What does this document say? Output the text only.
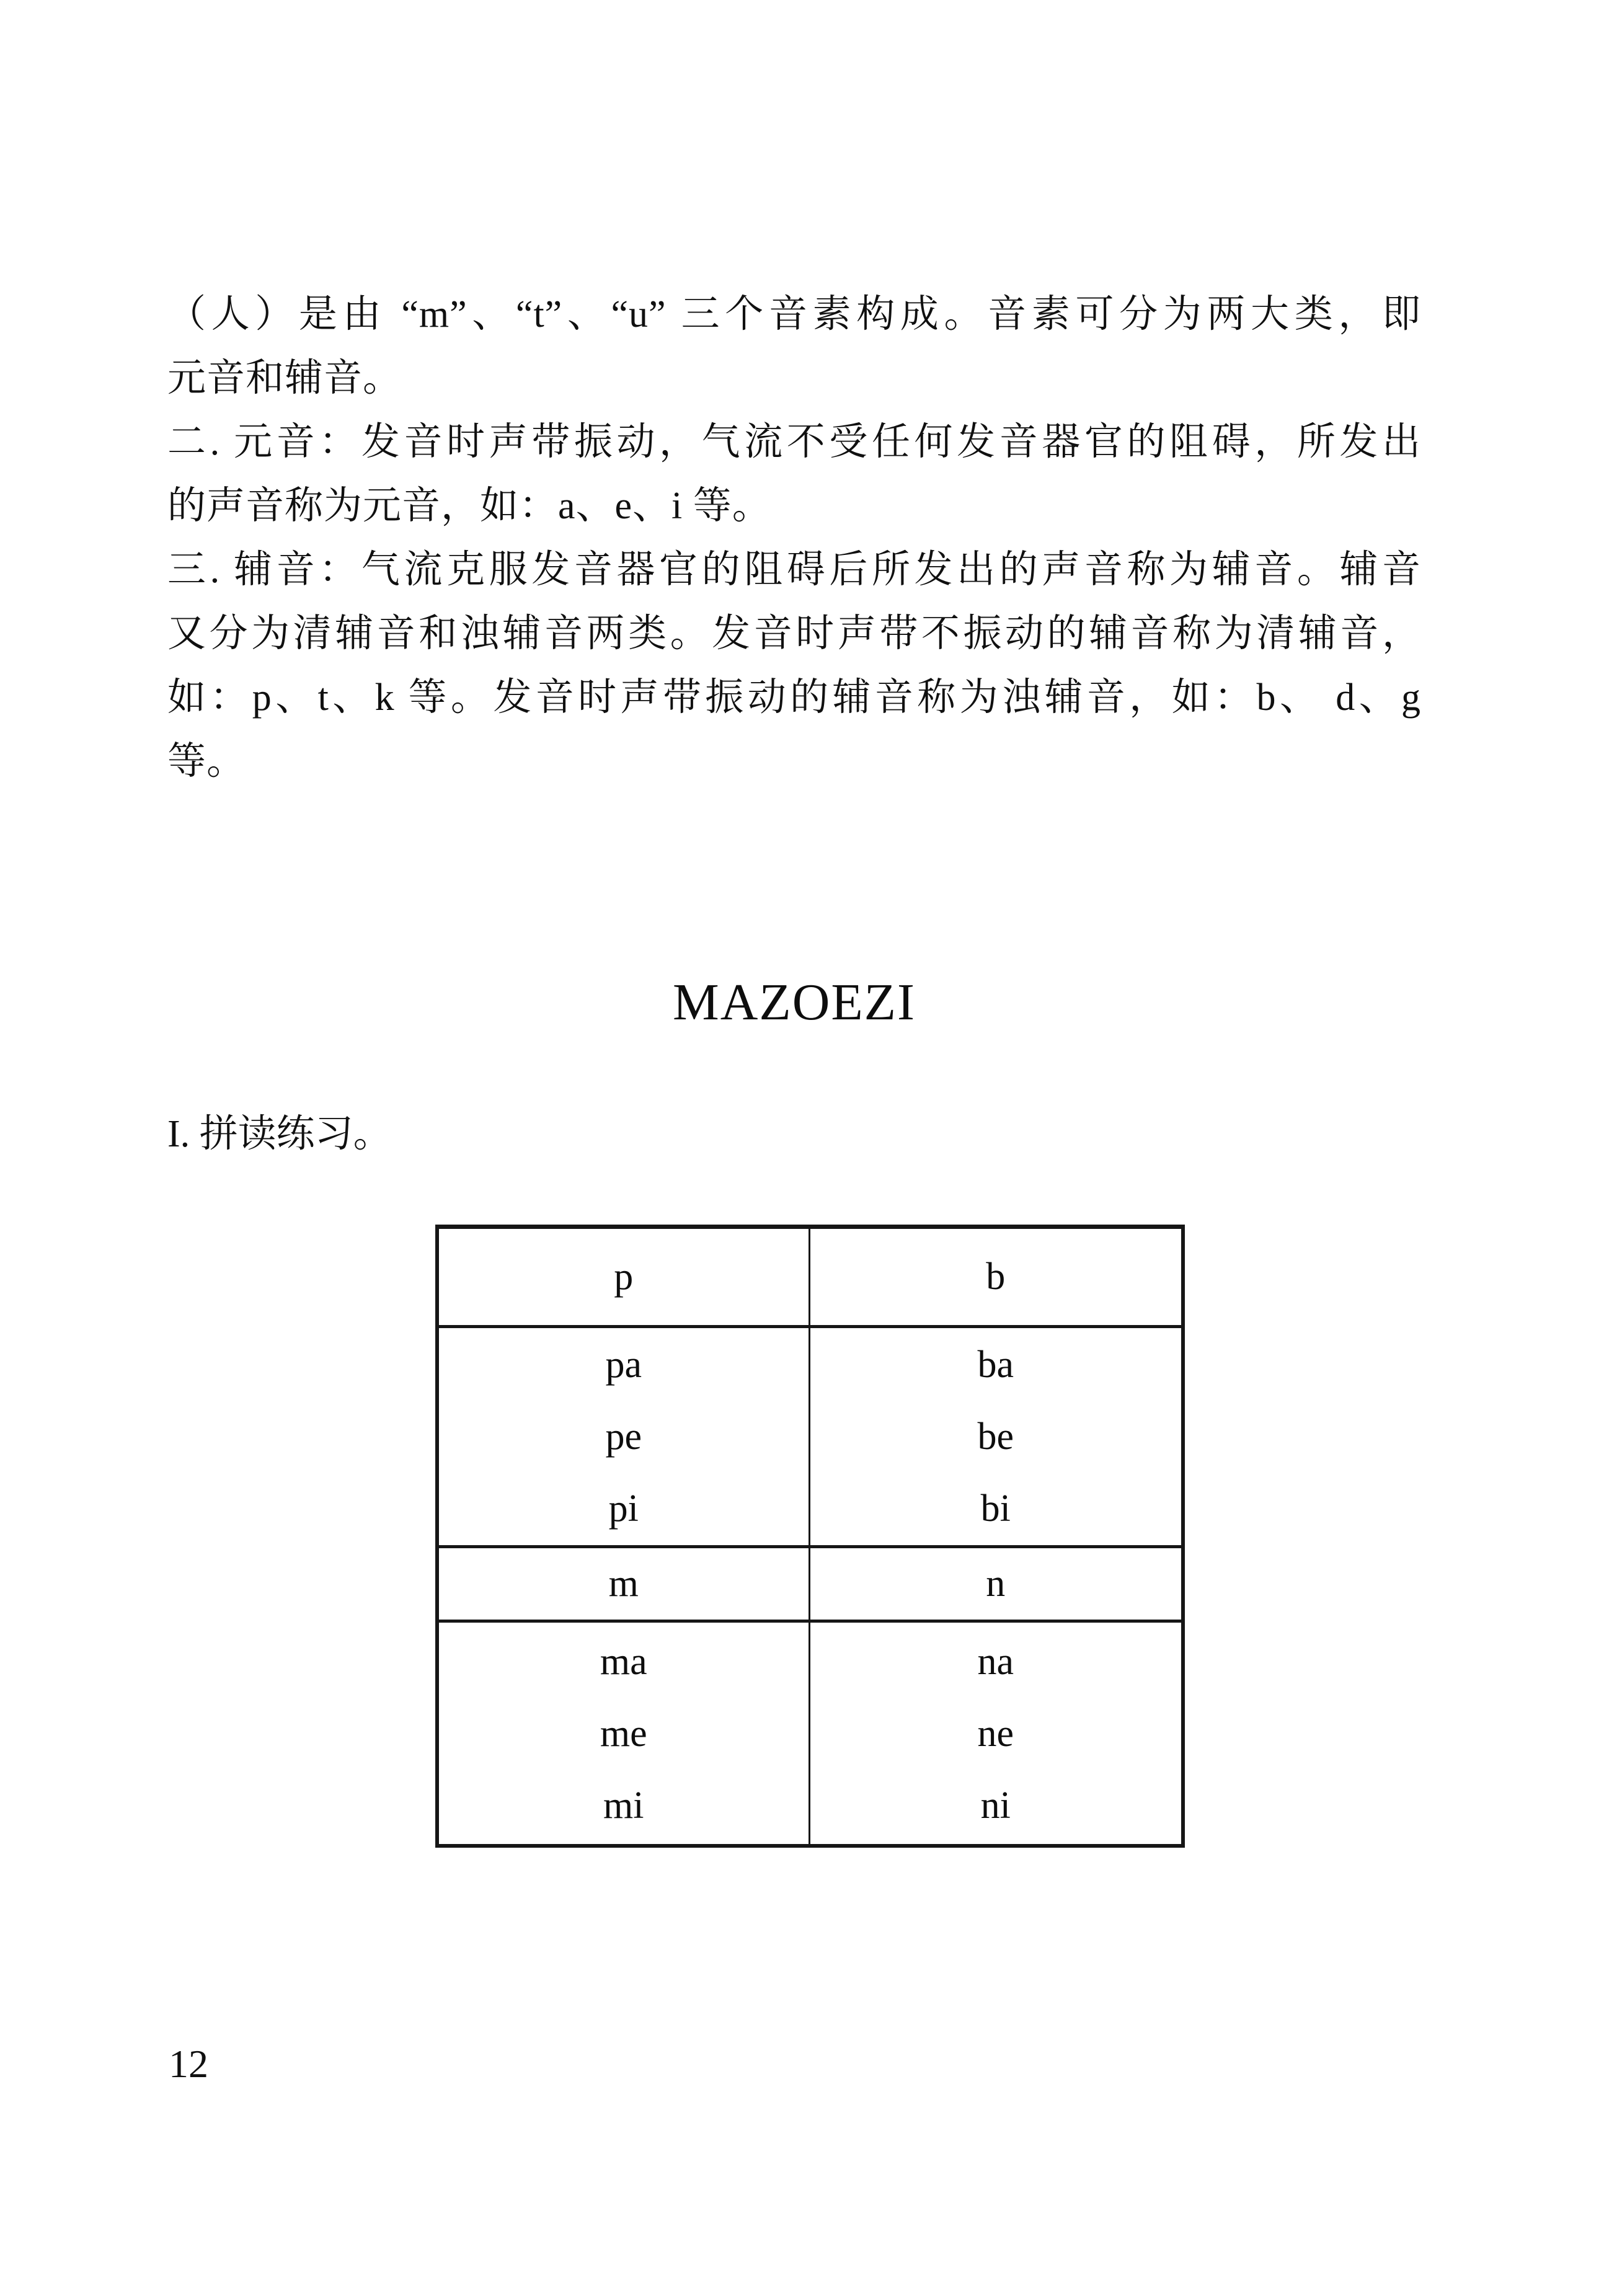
（人）是由 “m”、“t”、“u” 三个音素构成。音素可分为两大类，即
元音和辅音。
二. 元音：发音时声带振动，气流不受任何发音器官的阻碍，所发出
的声音称为元音，如：a、e、i 等。
三. 辅音：气流克服发音器官的阻碍后所发出的声音称为辅音。辅音
又分为清辅音和浊辅音两类。发音时声带不振动的辅音称为清辅音，
如：p、t、k 等。发音时声带振动的辅音称为浊辅音，如：b、 d、g
等。
MAZOEZI
I. 拼读练习。
p	b
pa
pe
pi
ba
be
bi
m	n
ma
me
mi
na
ne
ni
12
